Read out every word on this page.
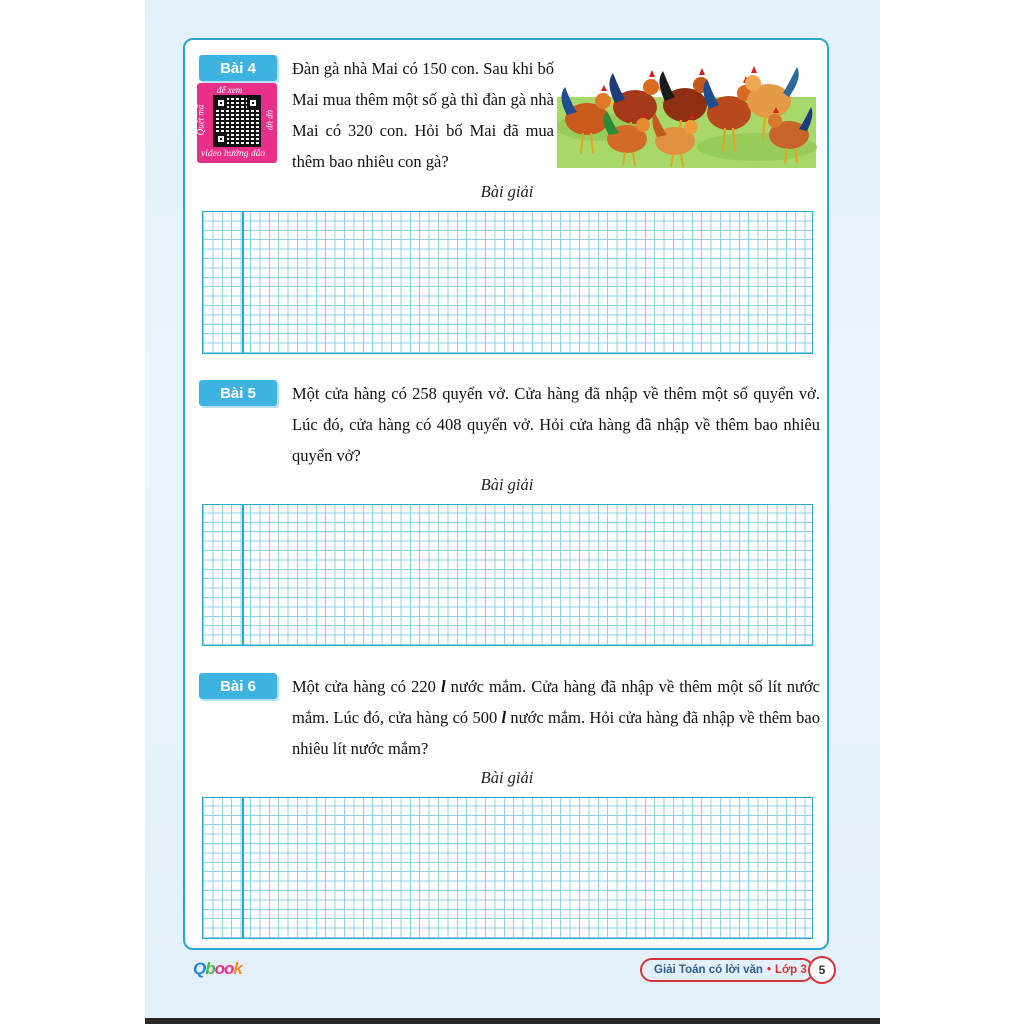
Bài 4
để xem
Quét mã	ụp ụp
video hướng dẫn

Đàn gà nhà Mai có 150 con. Sau khi bố Mai mua thêm một số gà thì đàn gà nhà Mai có 320 con. Hỏi bố Mai đã mua thêm bao nhiêu con gà?

Bài giải
Bài 5	Một cửa hàng có 258 quyển vở. Cửa hàng đã nhập về thêm một số quyển vở. Lúc đó, cửa hàng có 408 quyển vở. Hỏi cửa hàng đã nhập về thêm bao nhiêu quyển vở?

Bài giải
Bài 6	Một cửa hàng có 220 l nước mắm. Cửa hàng đã nhập về thêm một số lít nước mắm. Lúc đó, cửa hàng có 500 l nước mắm. Hỏi cửa hàng đã nhập về thêm bao nhiêu lít nước mắm?

Bài giải
Qbook	Giải Toán có lời văn • Lớp 3 5
